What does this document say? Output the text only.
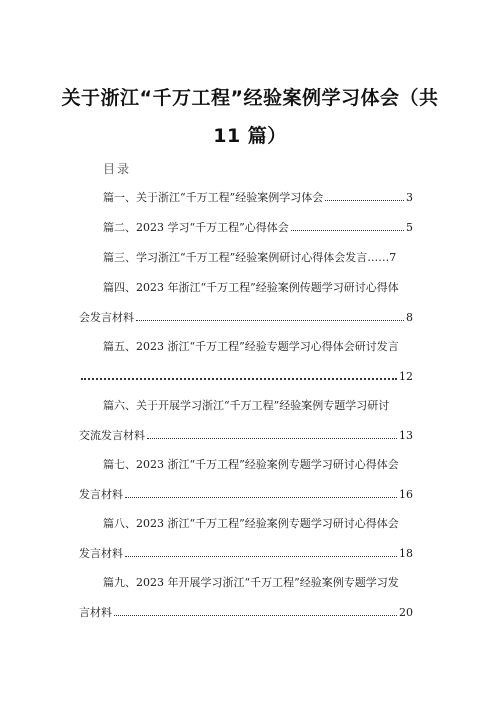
关于浙江“千万工程”经验案例学习体会（共
11 篇）
目录
篇一、关于浙江“千万工程”经验案例学习体会	3
篇二、2023 学习“千万工程”心得体会	5
篇三、学习浙江“千万工程”经验案例研讨心得体会发言…… 7
篇四、2023 年浙江“千万工程”经验案例传题学习研讨心得体
会发言材料	8
篇五、2023 浙江“千万工程”经验专题学习心得体会研讨发言
12
篇六、关于开展学习浙江“千万工程”经验案例专题学习研讨
交流发言材料	13
篇七、2023 浙江“千万工程”经验案例专题学习研讨心得体会
发言材料	16
篇八、2023 浙江“千万工程”经验案例专题学习研讨心得体会
发言材料	18
篇九、2023 年开展学习浙江“千万工程”经验案例专题学习发
言材料	20
